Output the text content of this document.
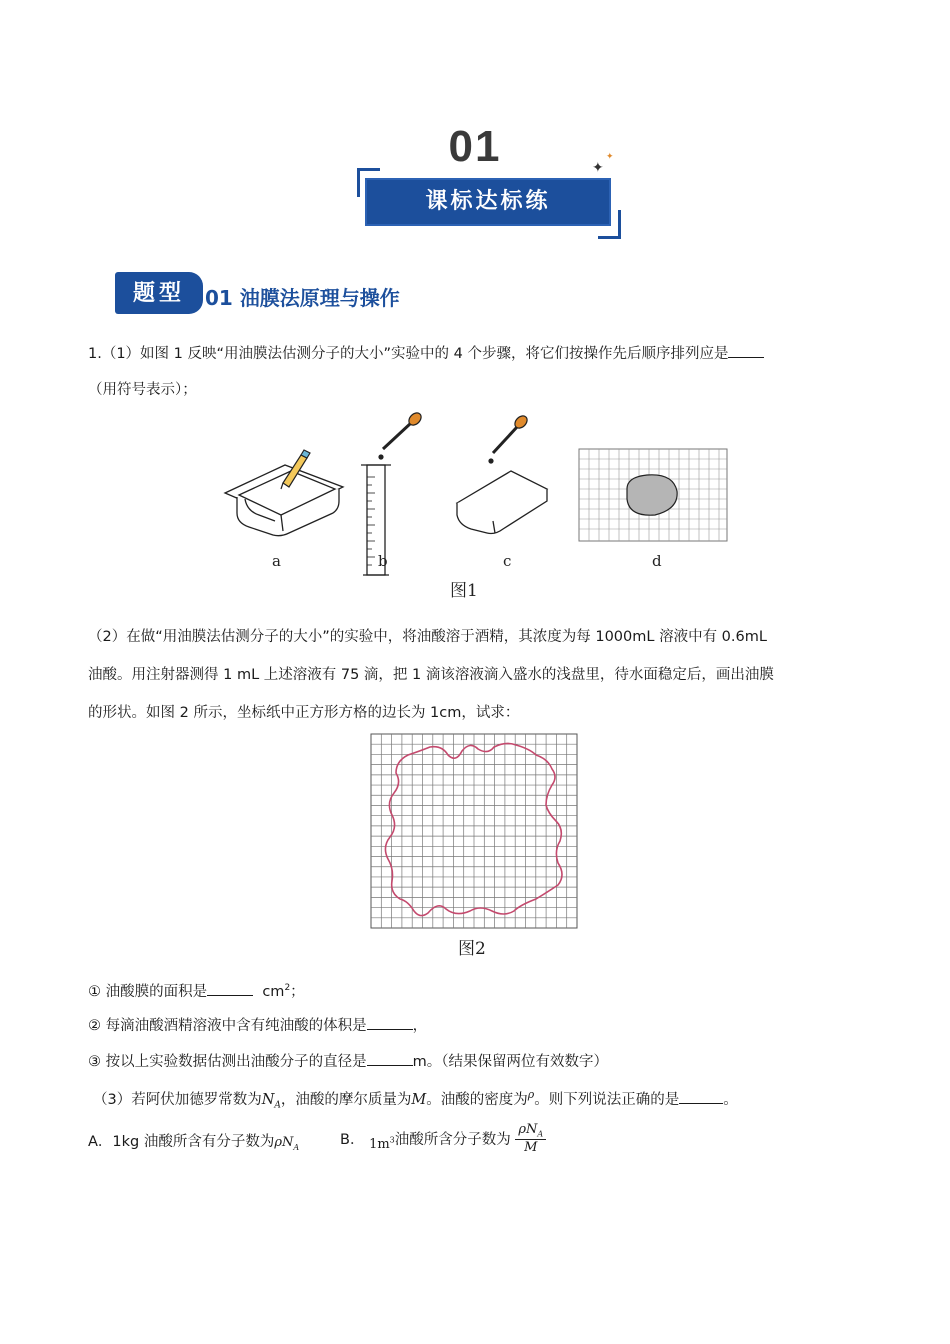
01	✦
✦
课标达标练
题型	01 油膜法原理与操作
1.（1）如图 1 反映“用油膜法估测分子的大小”实验中的 4 个步骤，将它们按操作先后顺序排列应是
（用符号表示）；
a	b	c	d
图1
（2）在做“用油膜法估测分子的大小”的实验中，将油酸溶于酒精，其浓度为每 1000mL 溶液中有 0.6mL
油酸。用注射器测得 1 mL 上述溶液有 75 滴，把 1 滴该溶液滴入盛水的浅盘里，待水面稳定后，画出油膜
的形状。如图 2 所示，坐标纸中正方形方格的边长为 1cm，试求：
图2
① 油酸膜的面积是	$cm^2$；
② 每滴油酸酒精溶液中含有纯油酸的体积是	，
③ 按以上实验数据估测出油酸分子的直径是	m。（结果保留两位有效数字）
（3）若阿伏加德罗常数为$N_A$，油酸的摩尔质量为M。油酸的密度为$^\rho$。则下列说法正确的是	。
A．1kg 油酸所含有分子数为$\rho N_A$	B． $1m^3$油酸所含分子数为 $\frac{\rho N_A}{M}$
